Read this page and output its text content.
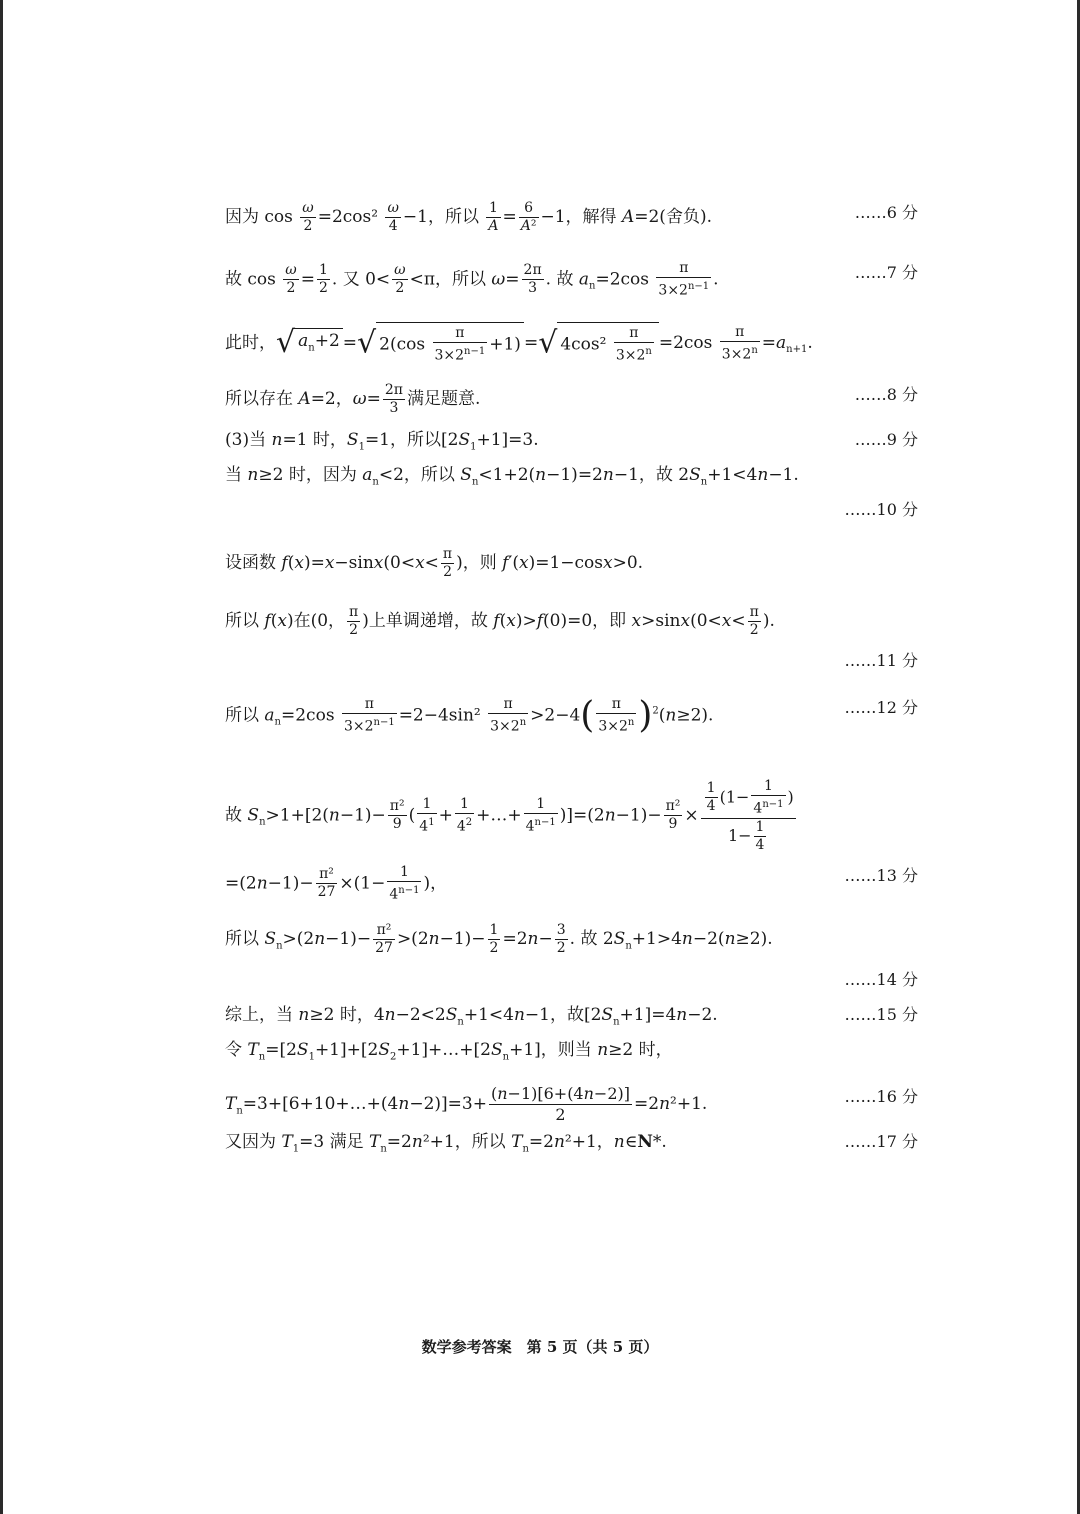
因为 $\cos \frac{\omega}{2} =2\cos^2 \frac{\omega}{4} -1$，所以 $\frac{1}{A} = \frac{6}{\text{A²}} -1$，解得 A=2(舍负).	……6 分
故 $\cos \frac{\omega}{2} = \frac{1}{2}$ . 又 $0< \frac{\omega}{2} <\pi$，所以 $\omega= \frac{2\pi}{3}$ . 故 $a_n=2\cos \frac{\pi}{3\times 2^{n-1}}$ .	……7 分
此时，√ $a_n+2$ =√ $2(\cos \frac{\pi}{3\times 2^{n-1}} +1)$ =√ $4\cos^2 \frac{\pi}{3\times 2^n} =2\cos \frac{\pi}{3\times 2^n} =a_{n+1}$.
所以存在 A=2，$\omega= \frac{2\pi}{3}$ 满足题意.	……8 分
(3)当 n=1 时，$S_1=1$，所以$[2S_1+1]=3$.	……9 分
当 n≥2 时，因为 $a_n<2$，所以 $S_n<1+2(n-1)=2n-1$，故 $2S_n+1<4n-1$.
……10 分
设函数 $f(x)=x-\sin x(0<x< \frac{\pi}{2}$ )，则 f′(x)=1−cosx>0.
所以 f(x)在(0， $\frac{\pi}{2}$ )上单调递增，故 f(x)>f(0)=0，即 $x>\sin x(0<x< \frac{\pi}{2}$ ).
……11 分
所以 $a_n=2\cos \frac{\pi}{3\times 2^{n-1}} =2-4\sin^2 \frac{\pi}{3\times 2^n} >2-4( \frac{\pi}{3\times 2^n} )^2(n\ge 2)$.	……12 分
故 $S_n>1+[2(n-1)- \frac{\text{π²}}{9}$ ( $\frac{1}{4^1} + \frac{1}{4^2}$ +…+ $\frac{1}{4^{n-1}} )]=(2n-1)- \frac{\text{π²}}{9} \times \frac{\frac{1}{4} (1- \frac{1}{4^{n-1}} )}{1- \frac{1}{4}}$
$=(2n-1)- \frac{\text{π²}}{27} \times(1- \frac{1}{4^{n-1}}$ )，	……13 分
所以 $S_n>(2n-1)- \frac{\text{π²}}{27} >(2n-1)- \frac{1}{2} =2n- \frac{3}{2}$ . 故 $2S_n+1>4n-2(n\ge 2)$.
……14 分
综上，当 n≥2 时，$4n-2<2S_n+1<4n-1$，故$[2S_n+1]=4n-2$.	……15 分
令 $T_n=[2S_1+1]+[2S_2+1]+\dots+[2S_n+1]$，则当 n≥2 时，
$T_n=3+[6+10+\dots+(4n-2)]=3+ \frac{(n-1)[6+(4n-2)]}{2} =2n^2+1$.	……16 分
又因为 $T_1=3$ 满足 $T_n=2n^2+1$，所以 $T_n=2n^2+1$，n∈N*.	……17 分
数学参考答案　第 5 页（共 5 页）
